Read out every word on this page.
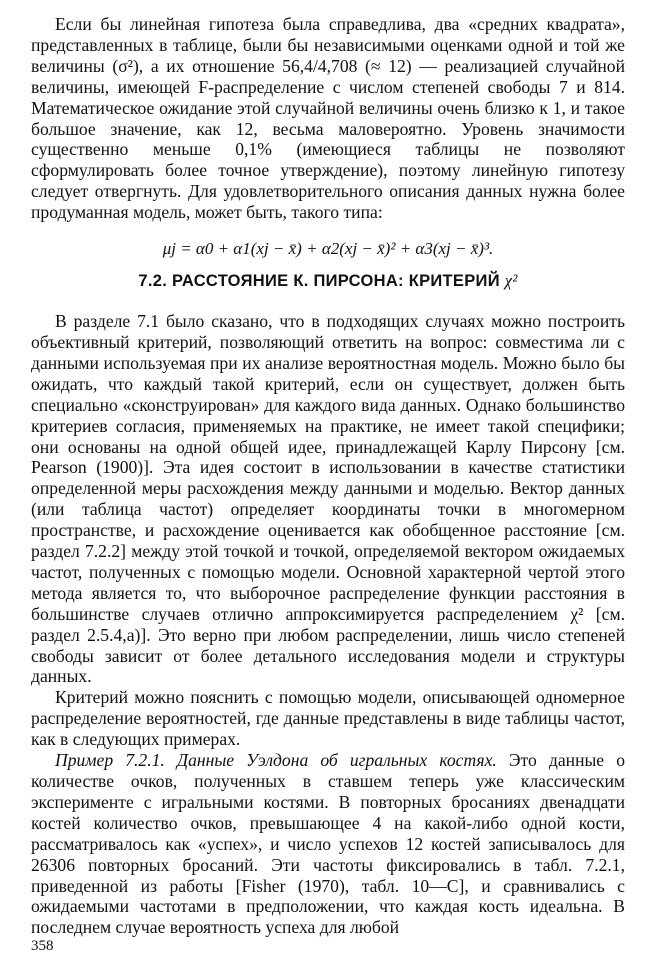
Если бы линейная гипотеза была справедлива, два «средних квадрата», представленных в таблице, были бы независимыми оценками одной и той же величины (σ²), а их отношение 56,4/4,708 (≈ 12) — реализацией случайной величины, имеющей F-распределение с числом степеней свободы 7 и 814. Математическое ожидание этой случайной величины очень близко к 1, и такое большое значение, как 12, весьма маловероятно. Уровень значимости существенно меньше 0,1% (имеющиеся таблицы не позволяют сформулировать более точное утверждение), поэтому линейную гипотезу следует отвергнуть. Для удовлетворительного описания данных нужна более продуманная модель, может быть, такого типа:

μj = α0 + α1(xj − x̄) + α2(xj − x̄)² + α3(xj − x̄)³.
7.2. РАССТОЯНИЕ К. ПИРСОНА: КРИТЕРИЙ χ²

В разделе 7.1 было сказано, что в подходящих случаях можно построить объективный критерий, позволяющий ответить на вопрос: совместима ли с данными используемая при их анализе вероятностная модель. Можно было бы ожидать, что каждый такой критерий, если он существует, должен быть специально «сконструирован» для каждого вида данных. Однако большинство критериев согласия, применяемых на практике, не имеет такой специфики; они основаны на одной общей идее, принадлежащей Карлу Пирсону [см. Pearson (1900)]. Эта идея состоит в использовании в качестве статистики определенной меры расхождения между данными и моделью. Вектор данных (или таблица частот) определяет координаты точки в многомерном пространстве, и расхождение оценивается как обобщенное расстояние [см. раздел 7.2.2] между этой точкой и точкой, определяемой вектором ожидаемых частот, полученных с помощью модели. Основной характерной чертой этого метода является то, что выборочное распределение функции расстояния в большинстве случаев отлично аппроксимируется распределением χ² [см. раздел 2.5.4,a)]. Это верно при любом распределении, лишь число степеней свободы зависит от более детального исследования модели и структуры данных.

Критерий можно пояснить с помощью модели, описывающей одномерное распределение вероятностей, где данные представлены в виде таблицы частот, как в следующих примерах.

Пример 7.2.1. Данные Уэлдона об игральных костях. Это данные о количестве очков, полученных в ставшем теперь уже классическим эксперименте с игральными костями. В повторных бросаниях двенадцати костей количество очков, превышающее 4 на какой-либо одной кости, рассматривалось как «успех», и число успехов 12 костей записывалось для 26306 повторных бросаний. Эти частоты фиксировались в табл. 7.2.1, приведенной из работы [Fisher (1970), табл. 10—C], и сравнивались с ожидаемыми частотами в предположении, что каждая кость идеальна. В последнем случае вероятность успеха для любой

358
